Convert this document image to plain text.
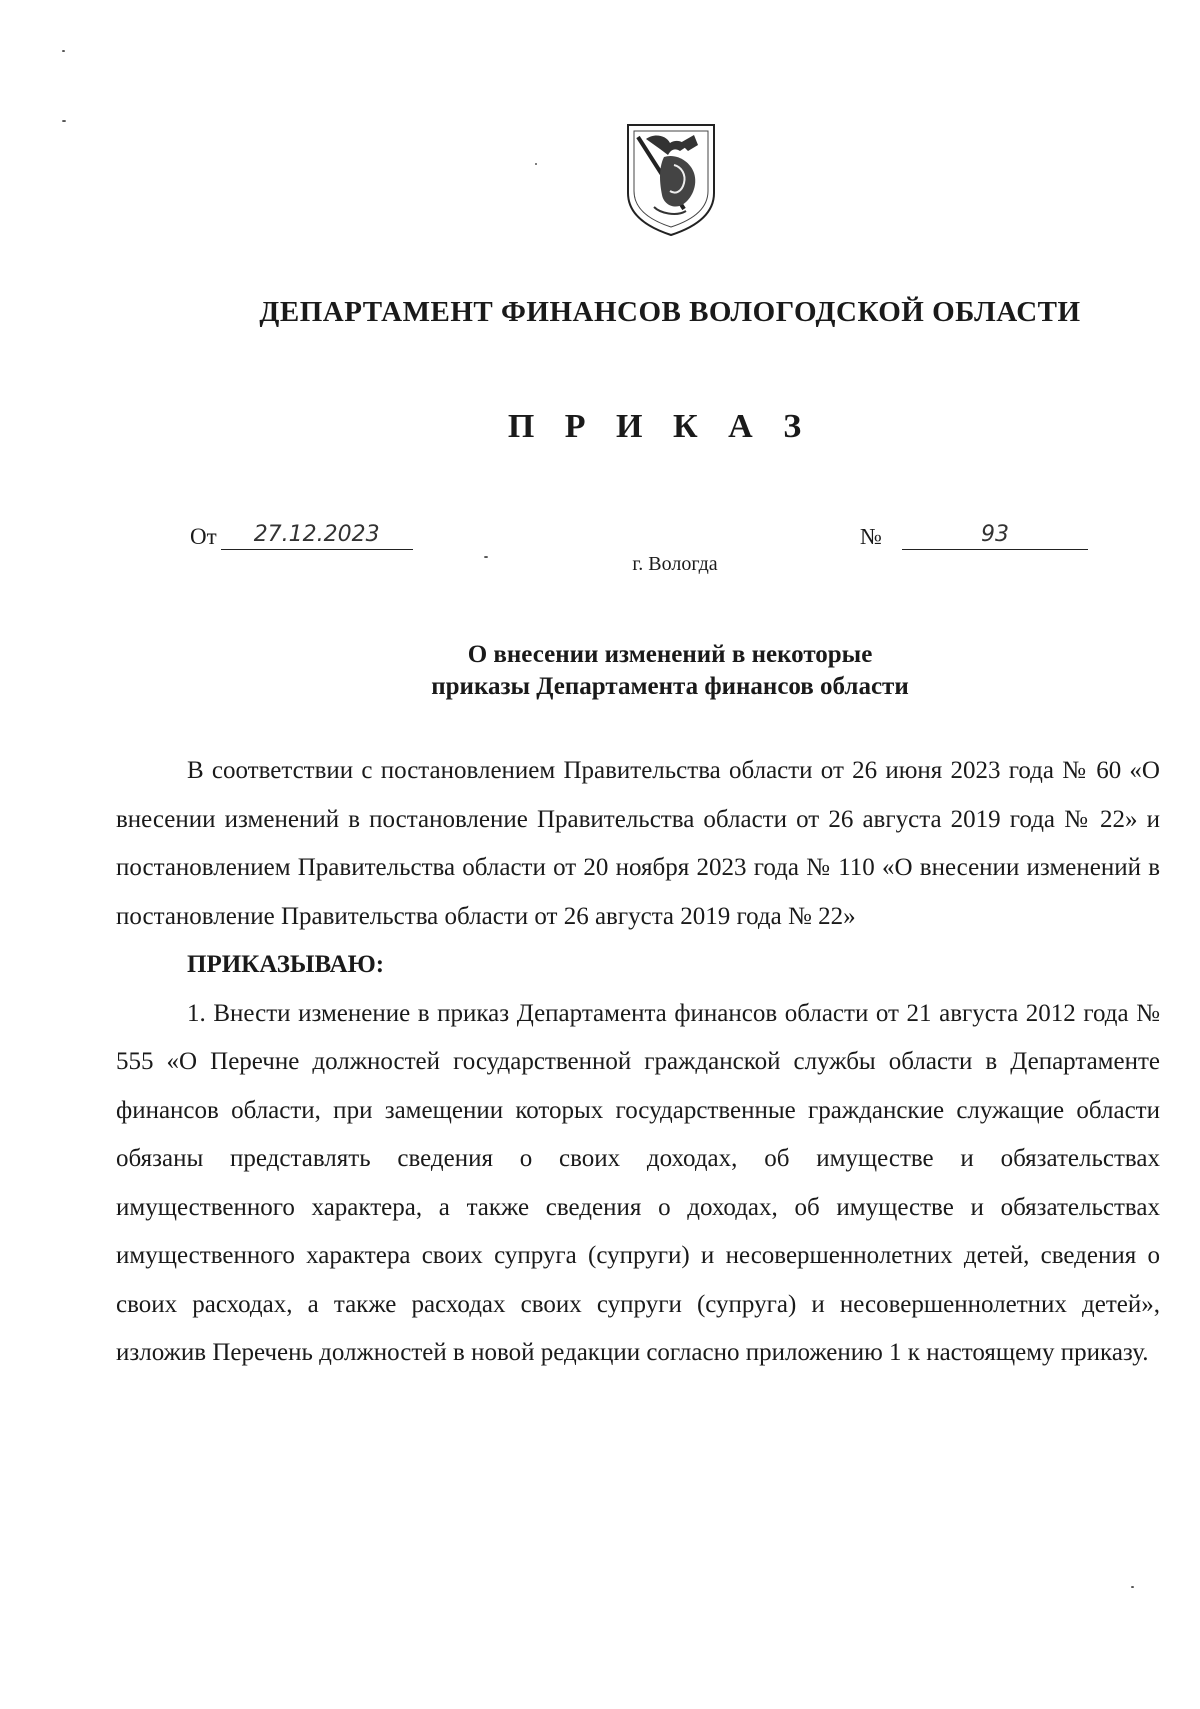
ДЕПАРТАМЕНТ ФИНАНСОВ ВОЛОГОДСКОЙ ОБЛАСТИ
П Р И К А З
От	27.12.2023	№	93
г. Вологда
О внесении изменений в некоторые
приказы Департамента финансов области

В соответствии с постановлением Правительства области от 26 июня 2023 года № 60 «О внесении изменений в постановление Правительства области от 26 августа 2019 года № 22» и постановлением Правительства области от 20 ноября 2023 года № 110 «О внесении изменений в постановление Правительства области от 26 августа 2019 года № 22»

ПРИКАЗЫВАЮ:

1. Внести изменение в приказ Департамента финансов области от 21 августа 2012 года № 555 «О Перечне должностей государственной гражданской службы области в Департаменте финансов области, при замещении которых государственные гражданские служащие области обязаны представлять сведения о своих доходах, об имуществе и обязательствах имущественного характера, а также сведения о доходах, об имуществе и обязательствах имущественного характера своих супруга (супруги) и несовершеннолетних детей, сведения о своих расходах, а также расходах своих супруги (супруга) и несовершеннолетних детей», изложив Перечень должностей в новой редакции согласно приложению 1 к настоящему приказу.
